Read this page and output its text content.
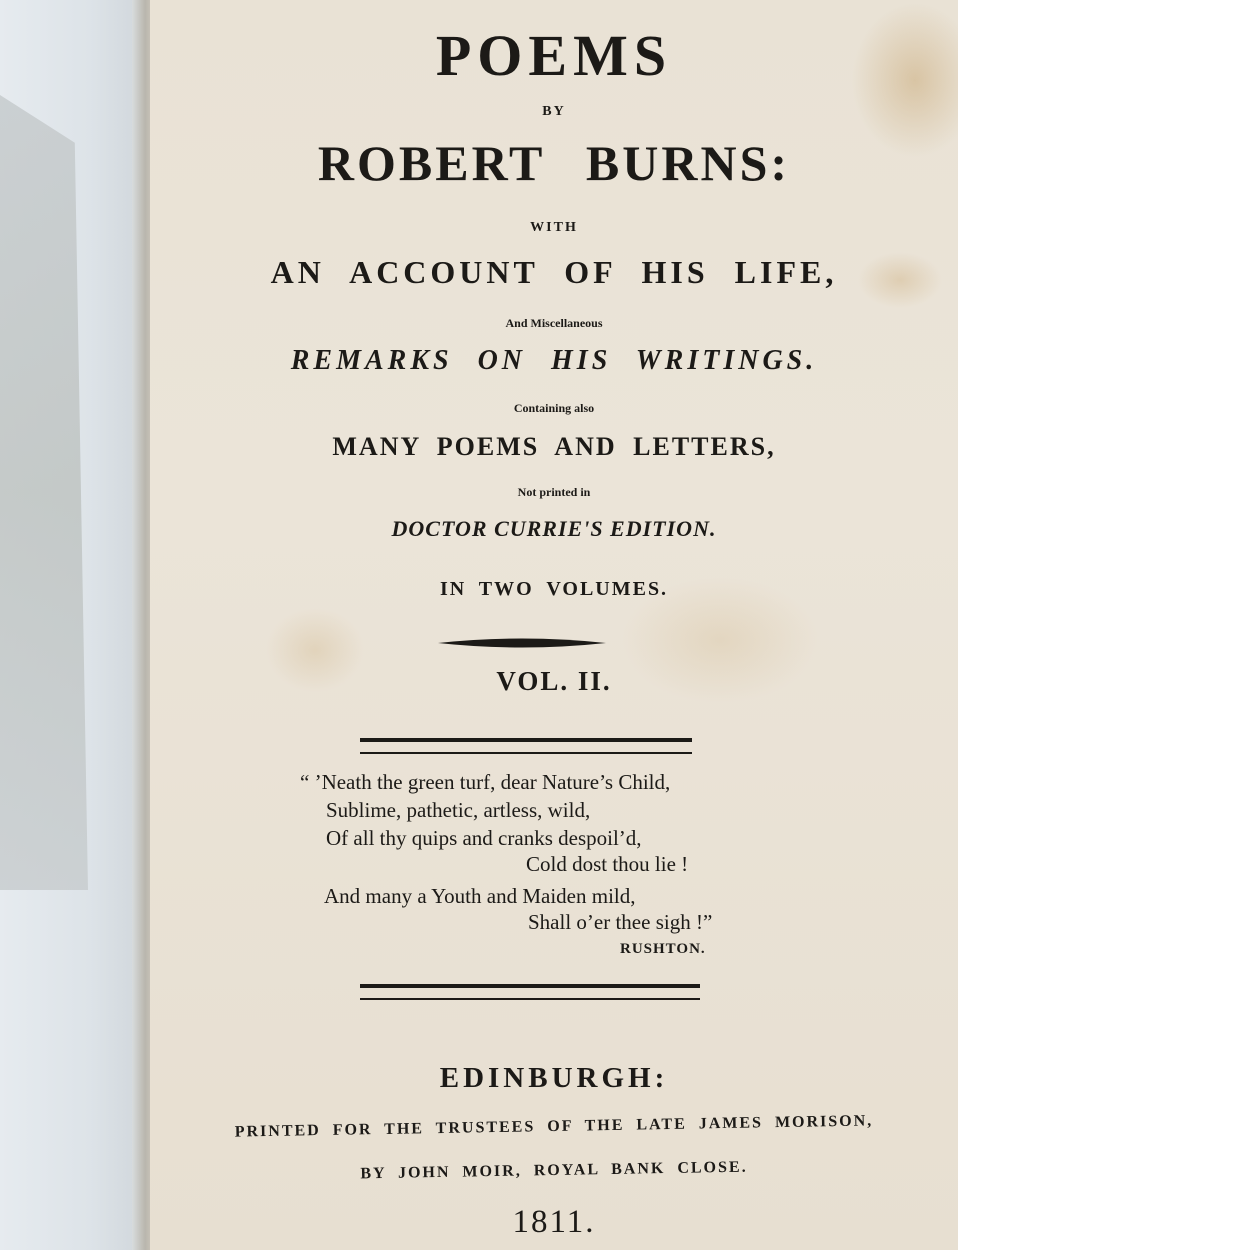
POEMS
BY
ROBERT BURNS:
WITH
AN ACCOUNT OF HIS LIFE,
And Miscellaneous
REMARKS ON HIS WRITINGS.
Containing also
MANY POEMS AND LETTERS,
Not printed in
DOCTOR CURRIE'S EDITION.
IN TWO VOLUMES.
VOL. II.
“ ’Neath the green turf, dear Nature’s Child,
Sublime, pathetic, artless, wild,
Of all thy quips and cranks despoil’d,
Cold dost thou lie !
And many a Youth and Maiden mild,
Shall o’er thee sigh !”
RUSHTON.
EDINBURGH:
PRINTED FOR THE TRUSTEES OF THE LATE JAMES MORISON,
BY JOHN MOIR, ROYAL BANK CLOSE.
1811.
